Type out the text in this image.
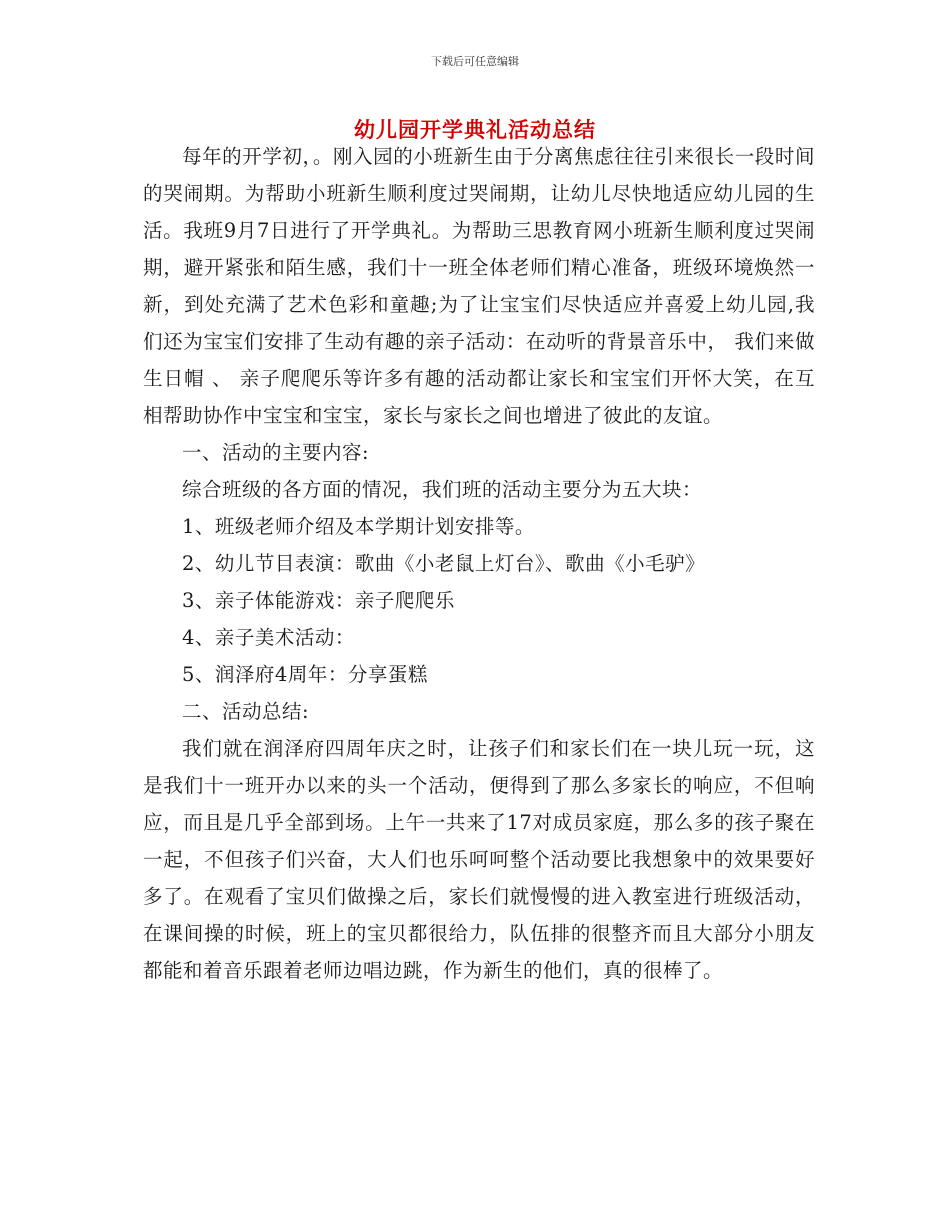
下载后可任意编辑
幼儿园开学典礼活动总结

每年的开学初，。刚入园的小班新生由于分离焦虑往往引来很长一段时间的哭闹期。为帮助小班新生顺利度过哭闹期，让幼儿尽快地适应幼儿园的生活。我班9月7日进行了开学典礼。为帮助三思教育网小班新生顺利度过哭闹期，避开紧张和陌生感，我们十一班全体老师们精心准备，班级环境焕然一新，到处充满了艺术色彩和童趣;为了让宝宝们尽快适应并喜爱上幼儿园,我们还为宝宝们安排了生动有趣的亲子活动：在动听的背景音乐中， 我们来做生日帽 、 亲子爬爬乐等许多有趣的活动都让家长和宝宝们开怀大笑，在互相帮助协作中宝宝和宝宝，家长与家长之间也增进了彼此的友谊。

一、活动的主要内容:

综合班级的各方面的情况，我们班的活动主要分为五大块：

1、班级老师介绍及本学期计划安排等。

2、幼儿节目表演：歌曲《小老鼠上灯台》、歌曲《小毛驴》

3、亲子体能游戏：亲子爬爬乐

4、亲子美术活动：

5、润泽府4周年：分享蛋糕

二、活动总结:

我们就在润泽府四周年庆之时，让孩子们和家长们在一块儿玩一玩，这是我们十一班开办以来的头一个活动，便得到了那么多家长的响应，不但响应，而且是几乎全部到场。上午一共来了17对成员家庭，那么多的孩子聚在一起，不但孩子们兴奋，大人们也乐呵呵整个活动要比我想象中的效果要好多了。在观看了宝贝们做操之后，家长们就慢慢的进入教室进行班级活动，在课间操的时候，班上的宝贝都很给力，队伍排的很整齐而且大部分小朋友都能和着音乐跟着老师边唱边跳，作为新生的他们，真的很棒了。
